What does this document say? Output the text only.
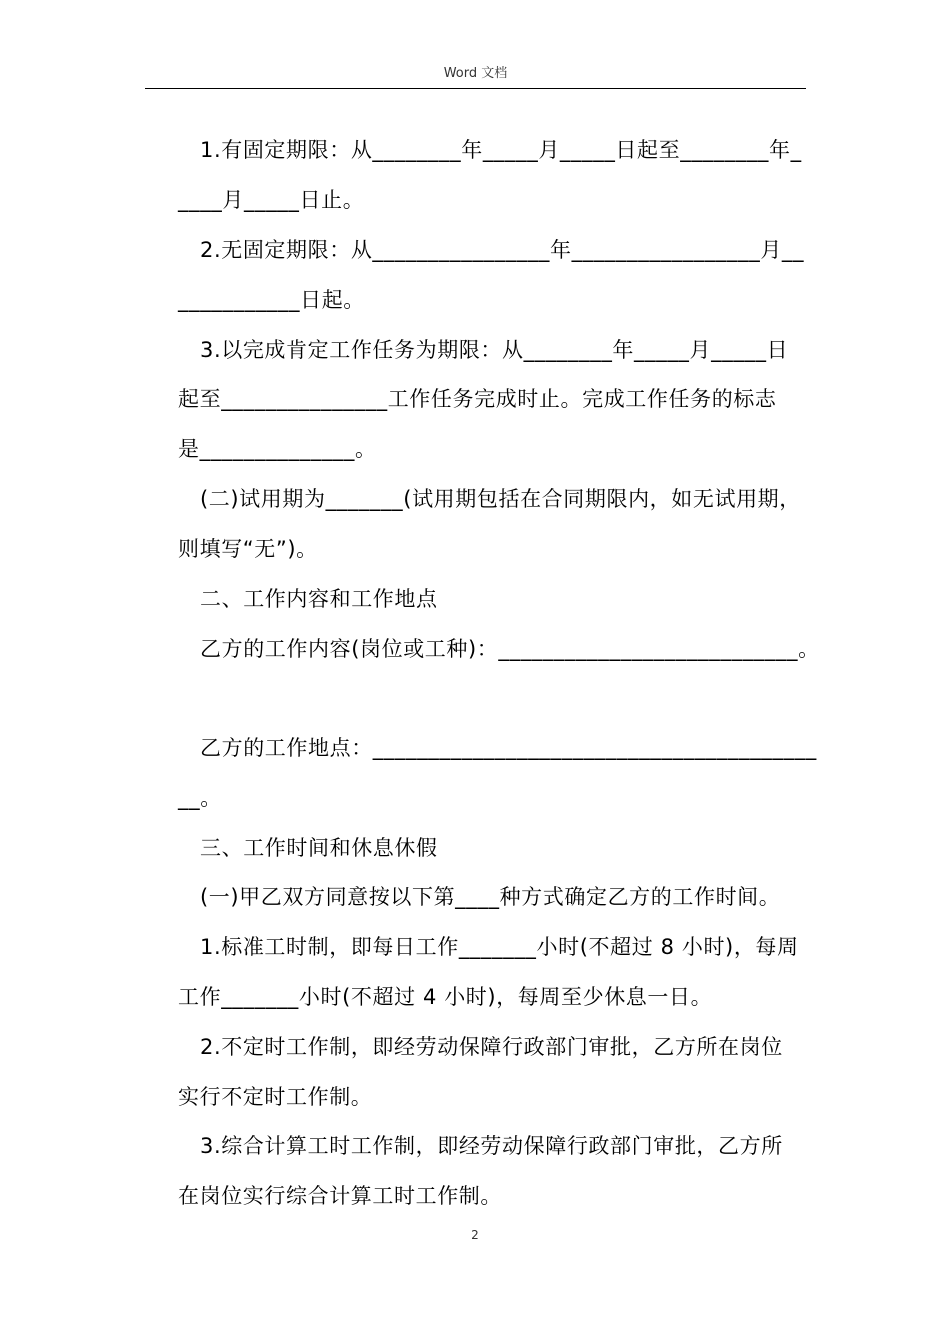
Word 文档
1.有固定期限：从________年_____月_____日起至________年_
____月_____日止。
2.无固定期限：从________________年_________________月__
___________日起。
3.以完成肯定工作任务为期限：从________年_____月_____日
起至_______________工作任务完成时止。完成工作任务的标志
是______________。
(二)试用期为_______(试用期包括在合同期限内，如无试用期，
则填写“无”)。
二、工作内容和工作地点
乙方的工作内容(岗位或工种)：___________________________。
乙方的工作地点：________________________________________
__。
三、工作时间和休息休假
(一)甲乙双方同意按以下第____种方式确定乙方的工作时间。
1.标准工时制，即每日工作_______小时(不超过 8 小时)，每周
工作_______小时(不超过 4 小时)，每周至少休息一日。
2.不定时工作制，即经劳动保障行政部门审批，乙方所在岗位
实行不定时工作制。
3.综合计算工时工作制，即经劳动保障行政部门审批，乙方所
在岗位实行综合计算工时工作制。
2
